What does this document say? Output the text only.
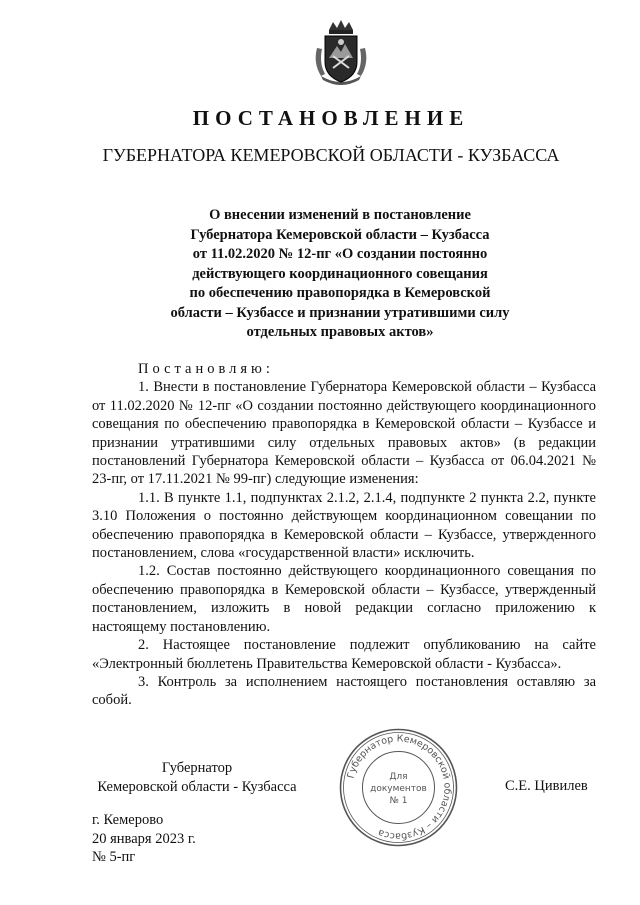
ПОСТАНОВЛЕНИЕ
ГУБЕРНАТОРА КЕМЕРОВСКОЙ ОБЛАСТИ - КУЗБАССА
О внесении изменений в постановление
Губернатора Кемеровской области – Кузбасса
от 11.02.2020 № 12-пг «О создании постоянно
действующего координационного совещания
по обеспечению правопорядка в Кемеровской
области – Кузбассе и признании утратившими силу
отдельных правовых актов»

Постановляю:

1. Внести в постановление Губернатора Кемеровской области – Кузбасса от 11.02.2020 № 12-пг «О создании постоянно действующего координационного совещания по обеспечению правопорядка в Кемеровской области – Кузбассе и признании утратившими силу отдельных правовых актов» (в редакции постановлений Губернатора Кемеровской области – Кузбасса от 06.04.2021 № 23-пг, от 17.11.2021 № 99-пг) следующие изменения:

1.1. В пункте 1.1, подпунктах 2.1.2, 2.1.4, подпункте 2 пункта 2.2, пункте 3.10 Положения о постоянно действующем координационном совещании по обеспечению правопорядка в Кемеровской области – Кузбассе, утвержденного постановлением, слова «государственной власти» исключить.

1.2. Состав постоянно действующего координационного совещания по обеспечению правопорядка в Кемеровской области – Кузбассе, утвержденный постановлением, изложить в новой редакции согласно приложению к настоящему постановлению.

2. Настоящее постановление подлежит опубликованию на сайте «Электронный бюллетень Правительства Кемеровской области - Кузбасса».

3. Контроль за исполнением настоящего постановления оставляю за собой.

Губернатор
Кемеровской области - Кузбасса
Губернатор Кемеровской области – Кузбасса
Для
документов
№ 1
С.Е. Цивилев
г. Кемерово
20 января 2023 г.
№ 5-пг
